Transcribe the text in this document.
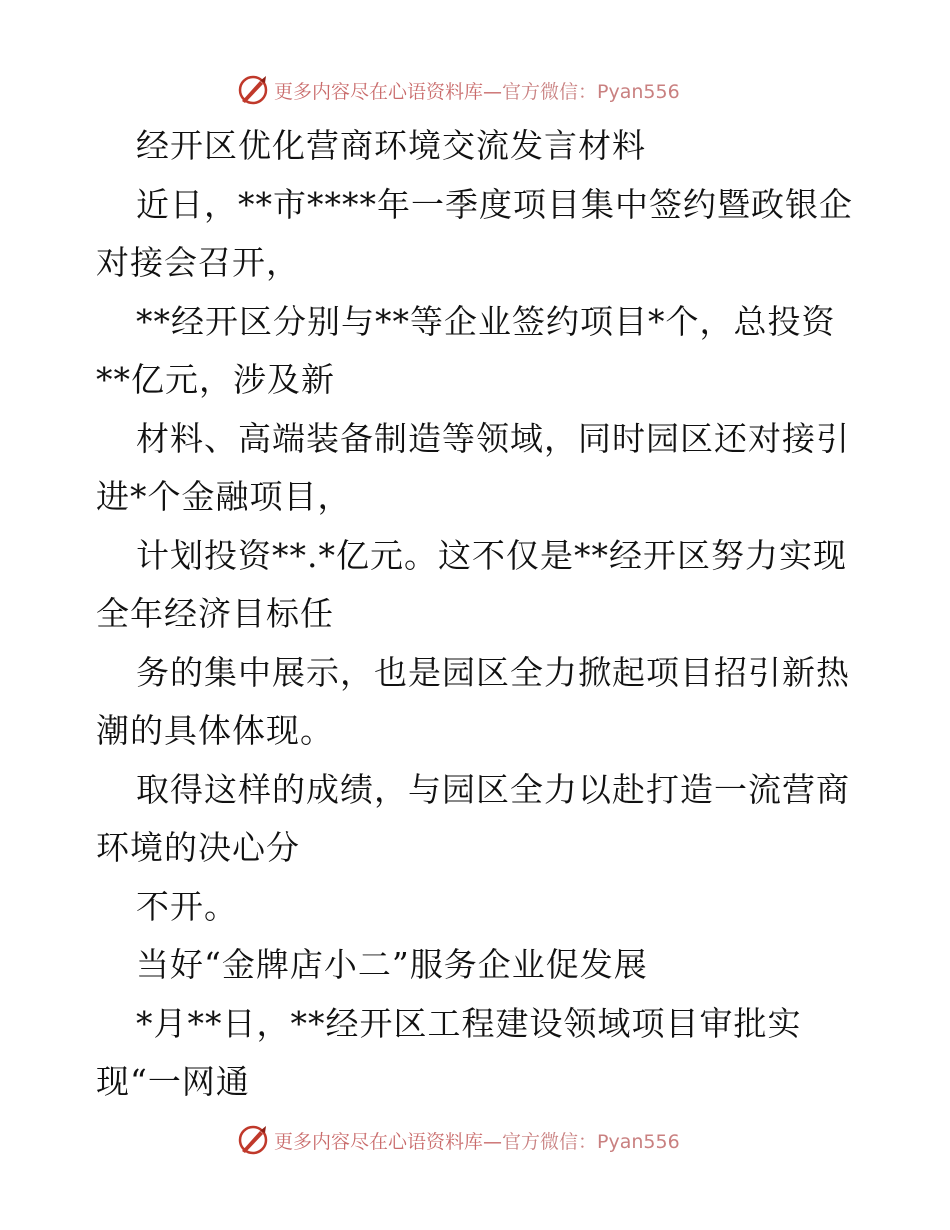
更多内容尽在心语资料库—官方微信：Pyan556
经开区优化营商环境交流发言材料
近日，**市****年一季度项目集中签约暨政银企
对接会召开，
**经开区分别与**等企业签约项目*个，总投资
**亿元，涉及新
材料、高端装备制造等领域，同时园区还对接引
进*个金融项目，
计划投资**.*亿元。这不仅是**经开区努力实现
全年经济目标任
务的集中展示，也是园区全力掀起项目招引新热
潮的具体体现。
取得这样的成绩，与园区全力以赴打造一流营商
环境的决心分
不开。
当好“金牌店小二”服务企业促发展
*月**日，**经开区工程建设领域项目审批实
现“一网通
更多内容尽在心语资料库—官方微信：Pyan556
